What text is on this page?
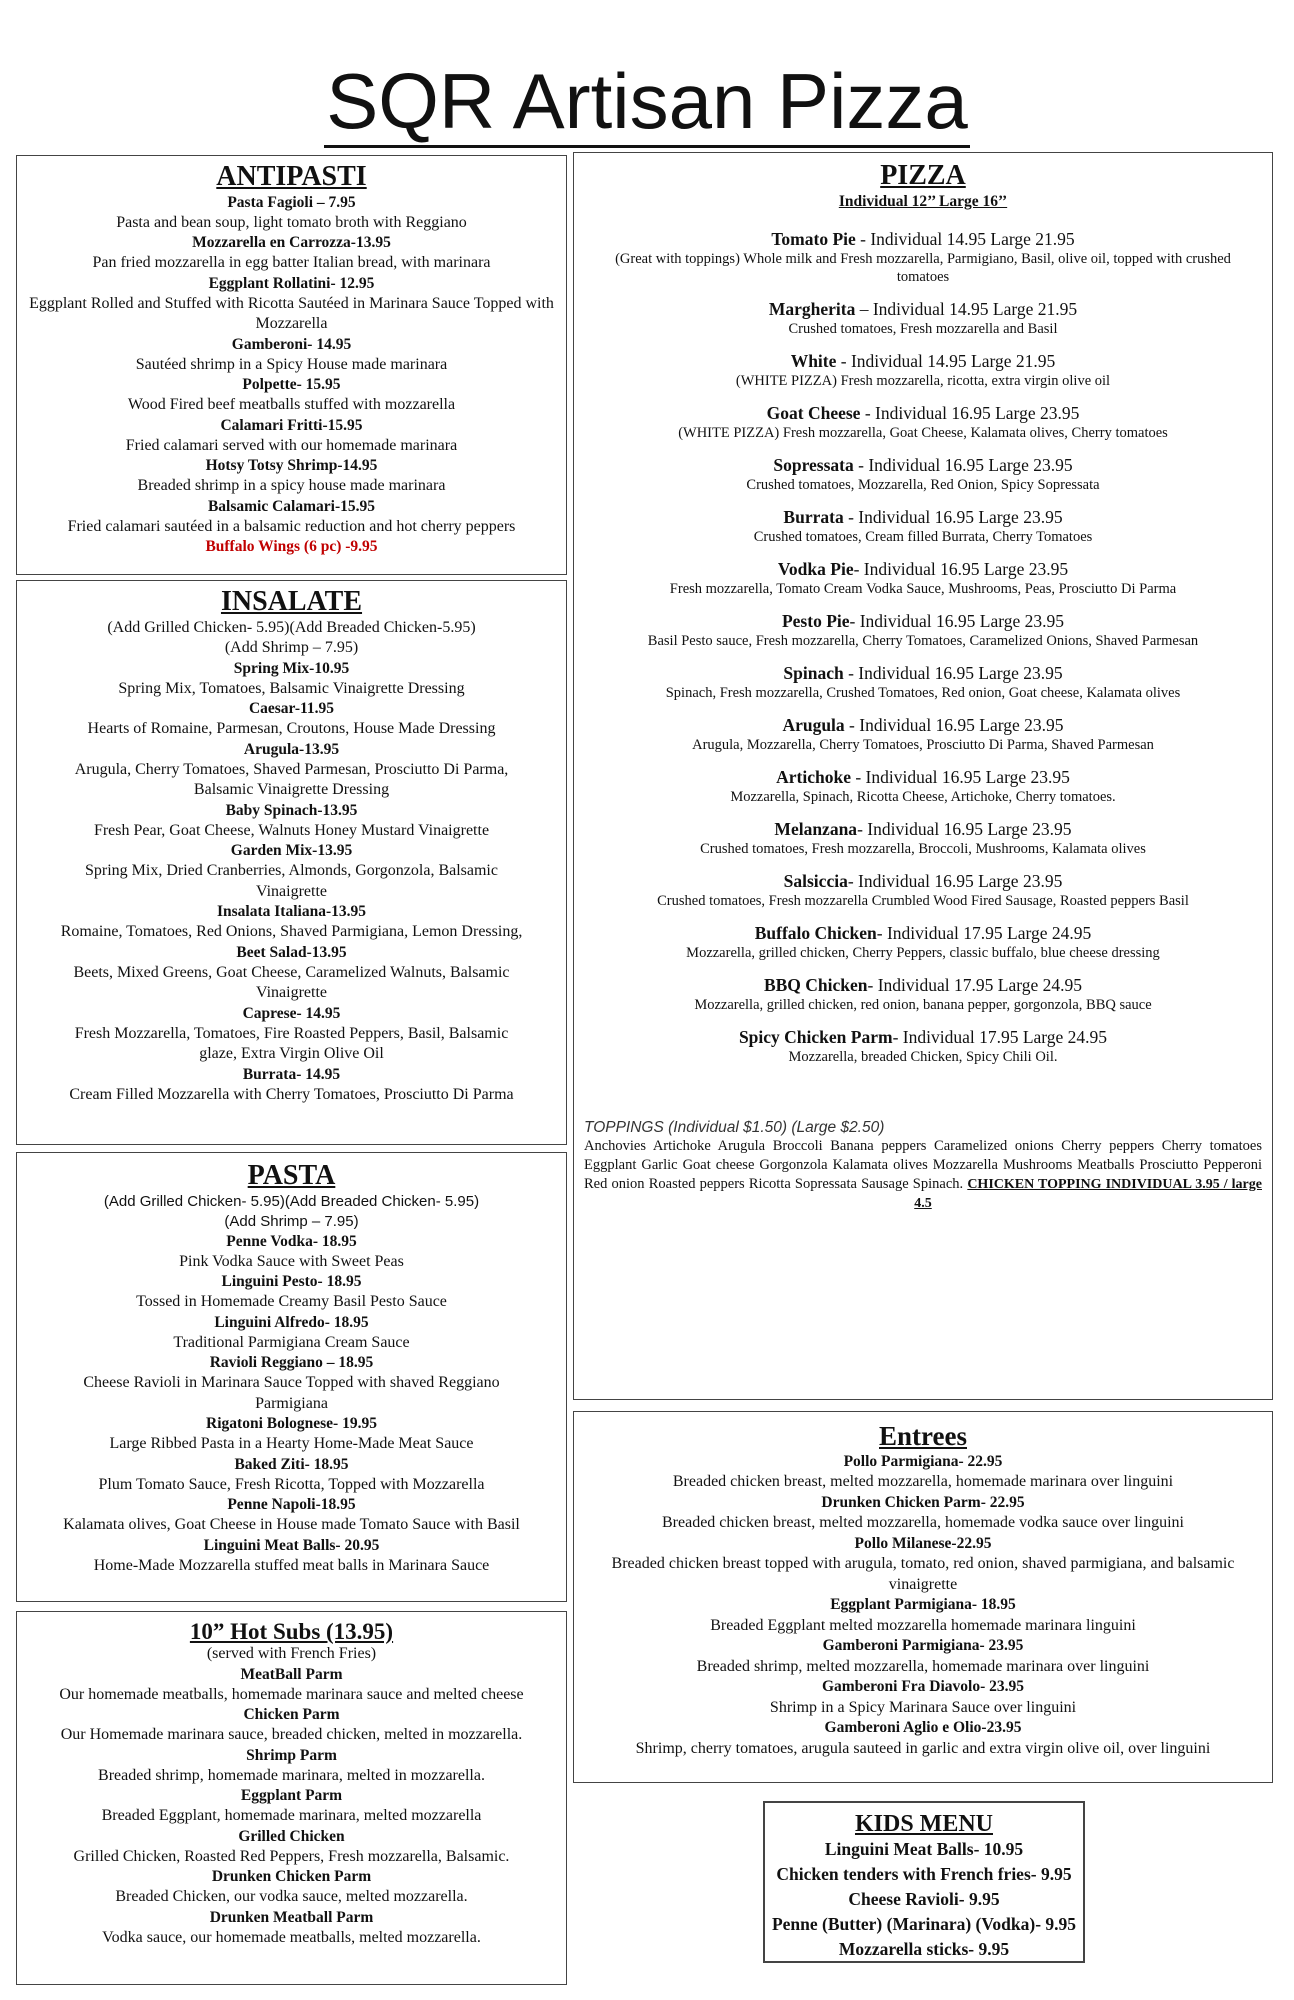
SQR Artisan Pizza
ANTIPASTI
Pasta Fagioli – 7.95
Pasta and bean soup, light tomato broth with Reggiano
Mozzarella en Carrozza-13.95
Pan fried mozzarella in egg batter Italian bread, with marinara
Eggplant Rollatini- 12.95
Eggplant Rolled and Stuffed with Ricotta Sautéed in Marinara Sauce Topped with Mozzarella
Gamberoni- 14.95
Sautéed shrimp in a Spicy House made marinara
Polpette- 15.95
Wood Fired beef meatballs stuffed with mozzarella
Calamari Fritti-15.95
Fried calamari served with our homemade marinara
Hotsy Totsy Shrimp-14.95
Breaded shrimp in a spicy house made marinara
Balsamic Calamari-15.95
Fried calamari sautéed in a balsamic reduction and hot cherry peppers
Buffalo Wings (6 pc) -9.95
INSALATE
(Add Grilled Chicken- 5.95)(Add Breaded Chicken-5.95)
(Add Shrimp – 7.95)
Spring Mix-10.95
Spring Mix, Tomatoes, Balsamic Vinaigrette Dressing
Caesar-11.95
Hearts of Romaine, Parmesan, Croutons, House Made Dressing
Arugula-13.95
Arugula, Cherry Tomatoes, Shaved Parmesan, Prosciutto Di Parma, Balsamic Vinaigrette Dressing
Baby Spinach-13.95
Fresh Pear, Goat Cheese, Walnuts Honey Mustard Vinaigrette
Garden Mix-13.95
Spring Mix, Dried Cranberries, Almonds, Gorgonzola, Balsamic Vinaigrette
Insalata Italiana-13.95
Romaine, Tomatoes, Red Onions, Shaved Parmigiana, Lemon Dressing,
Beet Salad-13.95
Beets, Mixed Greens, Goat Cheese, Caramelized Walnuts, Balsamic Vinaigrette
Caprese- 14.95
Fresh Mozzarella, Tomatoes, Fire Roasted Peppers, Basil, Balsamic glaze, Extra Virgin Olive Oil
Burrata- 14.95
Cream Filled Mozzarella with Cherry Tomatoes, Prosciutto Di Parma
PASTA
(Add Grilled Chicken- 5.95)(Add Breaded Chicken- 5.95)
(Add Shrimp – 7.95)
Penne Vodka- 18.95
Pink Vodka Sauce with Sweet Peas
Linguini Pesto- 18.95
Tossed in Homemade Creamy Basil Pesto Sauce
Linguini Alfredo- 18.95
Traditional Parmigiana Cream Sauce
Ravioli Reggiano – 18.95
Cheese Ravioli in Marinara Sauce Topped with shaved Reggiano Parmigiana
Rigatoni Bolognese- 19.95
Large Ribbed Pasta in a Hearty Home-Made Meat Sauce
Baked Ziti- 18.95
Plum Tomato Sauce, Fresh Ricotta, Topped with Mozzarella
Penne Napoli-18.95
Kalamata olives, Goat Cheese in House made Tomato Sauce with Basil
Linguini Meat Balls- 20.95
Home-Made Mozzarella stuffed meat balls in Marinara Sauce
10” Hot Subs (13.95)
(served with French Fries)
MeatBall Parm
Our homemade meatballs, homemade marinara sauce and melted cheese
Chicken Parm
Our Homemade marinara sauce, breaded chicken, melted in mozzarella.
Shrimp Parm
Breaded shrimp, homemade marinara, melted in mozzarella.
Eggplant Parm
Breaded Eggplant, homemade marinara, melted mozzarella
Grilled Chicken
Grilled Chicken, Roasted Red Peppers, Fresh mozzarella, Balsamic.
Drunken Chicken Parm
Breaded Chicken, our vodka sauce, melted mozzarella.
Drunken Meatball Parm
Vodka sauce, our homemade meatballs, melted mozzarella.
PIZZA
Individual 12’’ Large 16’’
Tomato Pie - Individual 14.95 Large 21.95
(Great with toppings) Whole milk and Fresh mozzarella, Parmigiano, Basil, olive oil, topped with crushed tomatoes
Margherita – Individual 14.95 Large 21.95
Crushed tomatoes, Fresh mozzarella and Basil
White - Individual 14.95 Large 21.95
(WHITE PIZZA) Fresh mozzarella, ricotta, extra virgin olive oil
Goat Cheese - Individual 16.95 Large 23.95
(WHITE PIZZA) Fresh mozzarella, Goat Cheese, Kalamata olives, Cherry tomatoes
Sopressata - Individual 16.95 Large 23.95
Crushed tomatoes, Mozzarella, Red Onion, Spicy Sopressata
Burrata - Individual 16.95 Large 23.95
Crushed tomatoes, Cream filled Burrata, Cherry Tomatoes
Vodka Pie- Individual 16.95 Large 23.95
Fresh mozzarella, Tomato Cream Vodka Sauce, Mushrooms, Peas, Prosciutto Di Parma
Pesto Pie- Individual 16.95 Large 23.95
Basil Pesto sauce, Fresh mozzarella, Cherry Tomatoes, Caramelized Onions, Shaved Parmesan
Spinach - Individual 16.95 Large 23.95
Spinach, Fresh mozzarella, Crushed Tomatoes, Red onion, Goat cheese, Kalamata olives
Arugula - Individual 16.95 Large 23.95
Arugula, Mozzarella, Cherry Tomatoes, Prosciutto Di Parma, Shaved Parmesan
Artichoke - Individual 16.95 Large 23.95
Mozzarella, Spinach, Ricotta Cheese, Artichoke, Cherry tomatoes.
Melanzana- Individual 16.95 Large 23.95
Crushed tomatoes, Fresh mozzarella, Broccoli, Mushrooms, Kalamata olives
Salsiccia- Individual 16.95 Large 23.95
Crushed tomatoes, Fresh mozzarella Crumbled Wood Fired Sausage, Roasted peppers Basil
Buffalo Chicken- Individual 17.95 Large 24.95
Mozzarella, grilled chicken, Cherry Peppers, classic buffalo, blue cheese dressing
BBQ Chicken- Individual 17.95 Large 24.95
Mozzarella, grilled chicken, red onion, banana pepper, gorgonzola, BBQ sauce
Spicy Chicken Parm- Individual 17.95 Large 24.95
Mozzarella, breaded Chicken, Spicy Chili Oil.
TOPPINGS (Individual $1.50) (Large $2.50)
Anchovies Artichoke Arugula Broccoli Banana peppers Caramelized onions Cherry peppers Cherry tomatoes Eggplant Garlic Goat cheese Gorgonzola Kalamata olives Mozzarella Mushrooms Meatballs Prosciutto Pepperoni Red onion Roasted peppers Ricotta Sopressata Sausage Spinach. CHICKEN TOPPING INDIVIDUAL 3.95 / large 4.5
Entrees
Pollo Parmigiana- 22.95
Breaded chicken breast, melted mozzarella, homemade marinara over linguini
Drunken Chicken Parm- 22.95
Breaded chicken breast, melted mozzarella, homemade vodka sauce over linguini
Pollo Milanese-22.95
Breaded chicken breast topped with arugula, tomato, red onion, shaved parmigiana, and balsamic vinaigrette
Eggplant Parmigiana- 18.95
Breaded Eggplant melted mozzarella homemade marinara linguini
Gamberoni Parmigiana- 23.95
Breaded shrimp, melted mozzarella, homemade marinara over linguini
Gamberoni Fra Diavolo- 23.95
Shrimp in a Spicy Marinara Sauce over linguini
Gamberoni Aglio e Olio-23.95
Shrimp, cherry tomatoes, arugula sauteed in garlic and extra virgin olive oil, over linguini
KIDS MENU
Linguini Meat Balls- 10.95
Chicken tenders with French fries- 9.95
Cheese Ravioli- 9.95
Penne (Butter) (Marinara) (Vodka)- 9.95
Mozzarella sticks- 9.95
